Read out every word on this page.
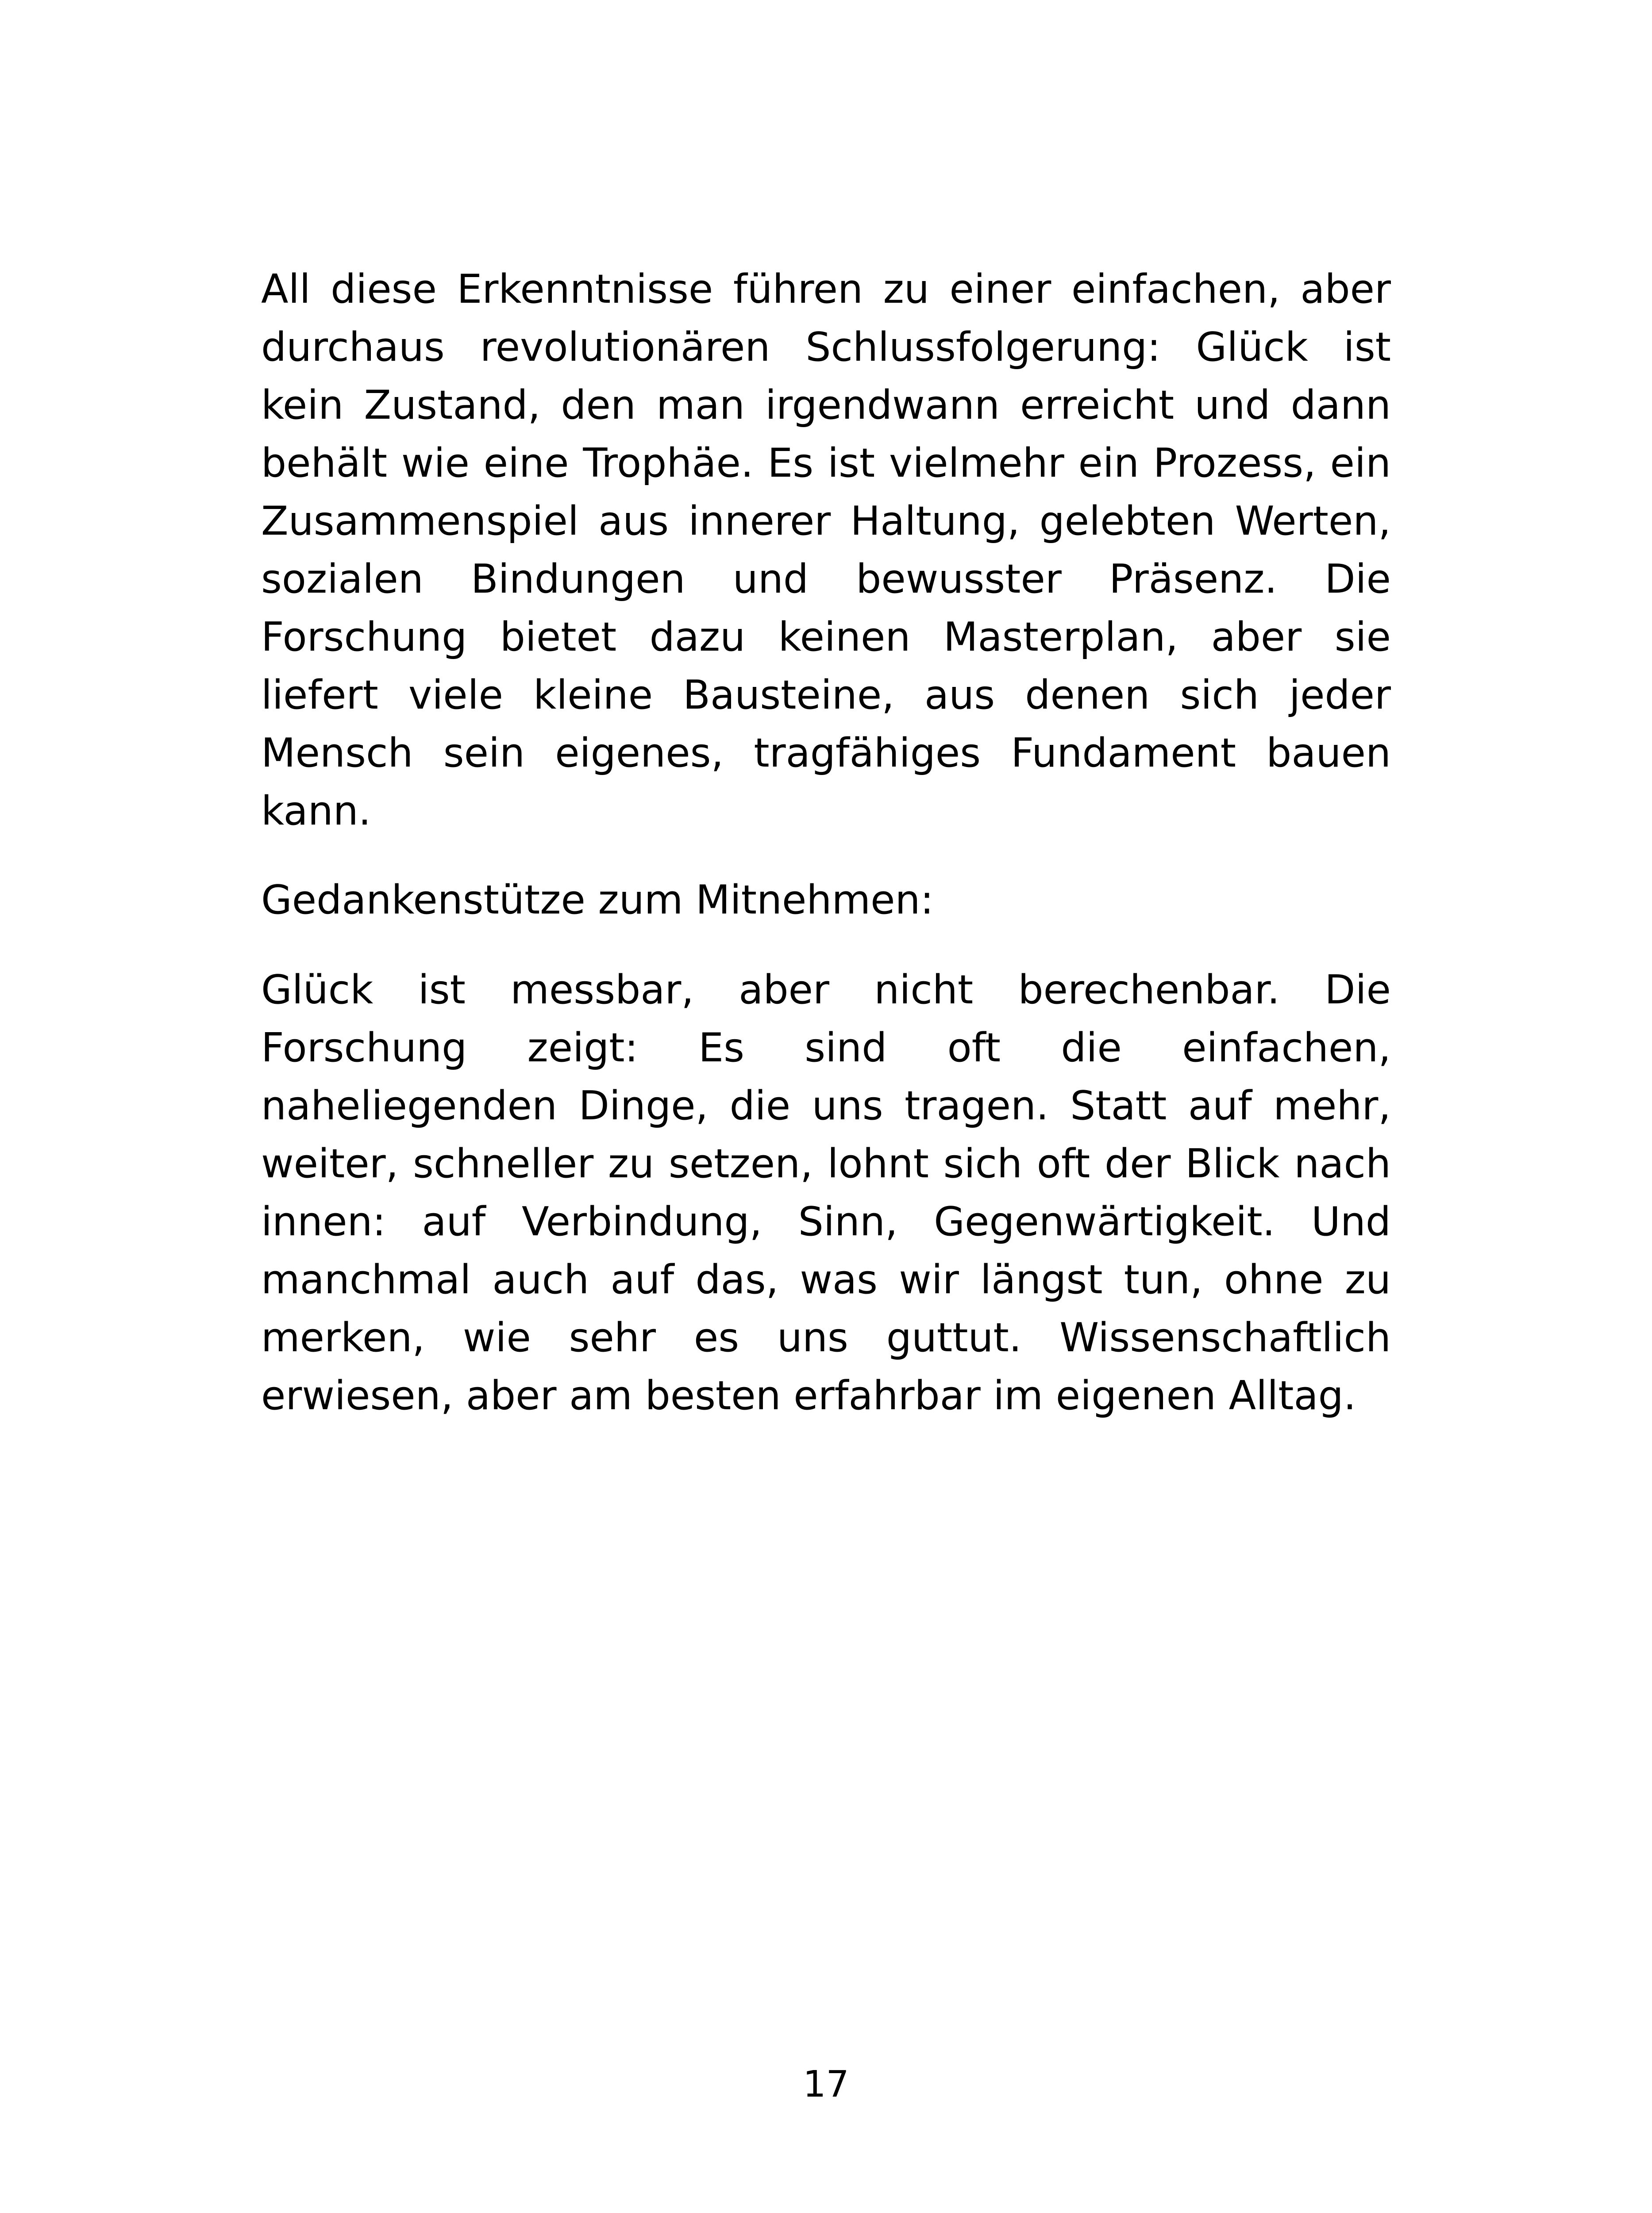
All diese Erkenntnisse führen zu einer einfachen, aber durchaus revolutionären Schlussfolgerung: Glück ist kein Zustand, den man irgendwann erreicht und dann behält wie eine Trophäe. Es ist vielmehr ein Prozess, ein Zusammenspiel aus innerer Haltung, gelebten Werten, sozialen Bindungen und bewusster Präsenz. Die Forschung bietet dazu keinen Masterplan, aber sie liefert viele kleine Bausteine, aus denen sich jeder Mensch sein eigenes, tragfähiges Fundament bauen kann.

Gedankenstütze zum Mitnehmen:

Glück ist messbar, aber nicht berechenbar. Die Forschung zeigt: Es sind oft die einfachen, naheliegenden Dinge, die uns tragen. Statt auf mehr, weiter, schneller zu setzen, lohnt sich oft der Blick nach innen: auf Verbindung, Sinn, Gegenwärtigkeit. Und manchmal auch auf das, was wir längst tun, ohne zu merken, wie sehr es uns guttut. Wissenschaftlich erwiesen, aber am besten erfahrbar im eigenen Alltag.

17
